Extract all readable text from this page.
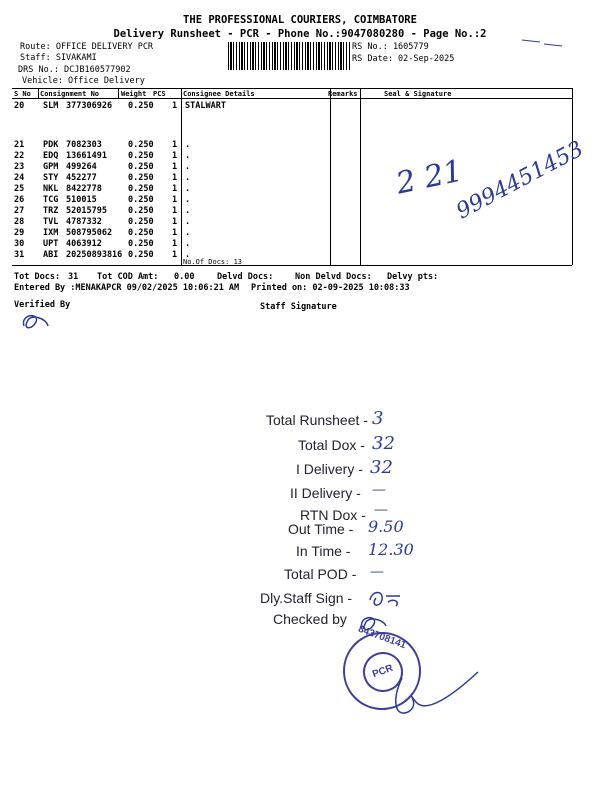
THE PROFESSIONAL COURIERS, COIMBATORE
Delivery Runsheet - PCR - Phone No.:9047080280 - Page No.:2
Route: OFFICE DELIVERY PCR
Staff: SIVAKAMI
DRS No.: DCJB160577902
Vehicle: Office Delivery
RS No.: 1605779
RS Date: 02-Sep-2025
S No Consignment No	Weight PCS Consignee Details	Remarks	Seal & Signature

20 SLM 377306926 0.250 1 STALWART

21 PDK 7082303	0.250 1 .

22 EDQ 13661491 0.250 1 .

23 GPM 499264	0.250 1 .

24 STY 452277	0.250 1 .

25 NKL 8422778	0.250 1 .

26 TCG 510015	0.250 1 .

27 TRZ 52015795 0.250 1 .

28 TVL 4787332	0.250 1 .

29 IXM 508795062 0.250 1 .

30 UPT 4063912	0.250 1 .

31 ABI 20250893816 0.250 1 .

No.Of Docs: 13
2 21
9994451453
Tot Docs: 31 Tot COD Amt: 0.00	Delvd Docs:	Non Delvd Docs: Delvy pts:
Entered By :MENAKAPCR 09/02/2025 10:06:21 AM Printed on: 02-09-2025 10:08:33
Verified By	Staff Signature
Total Runsheet - 3
Total Dox - 32
I Delivery - 32
II Delivery - —
RTN Dox - —
Out Time - 9.50
In Time - 12.30
Total POD - —
Dly.Staff Sign -
Checked by
843708141
PCR
